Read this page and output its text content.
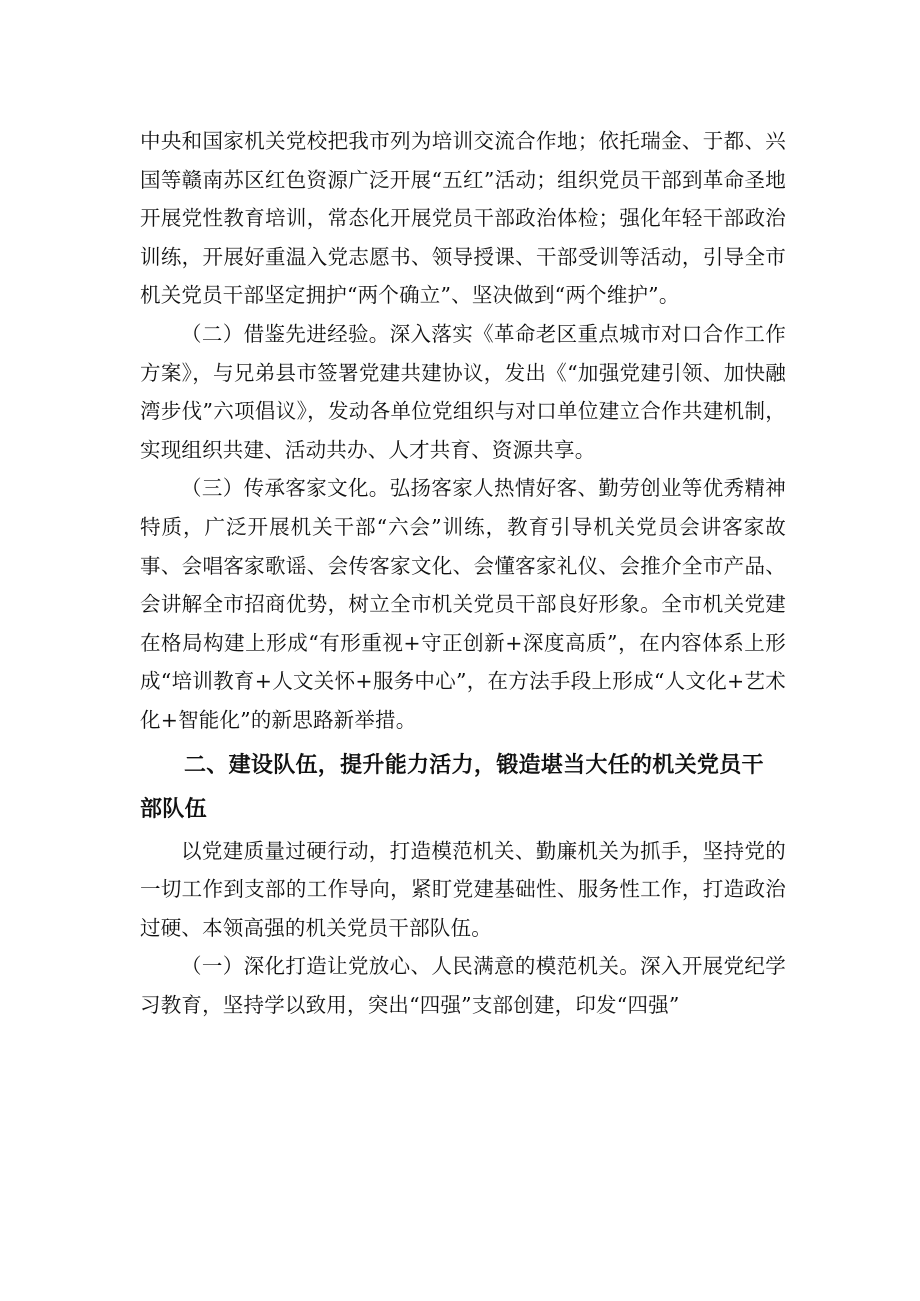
中央和国家机关党校把我市列为培训交流合作地；依托瑞金、于都、兴国等赣南苏区红色资源广泛开展“五红”活动；组织党员干部到革命圣地开展党性教育培训，常态化开展党员干部政治体检；强化年轻干部政治训练，开展好重温入党志愿书、领导授课、干部受训等活动，引导全市机关党员干部坚定拥护“两个确立”、坚决做到“两个维护”。

（二）借鉴先进经验。深入落实《革命老区重点城市对口合作工作方案》，与兄弟县市签署党建共建协议，发出《“加强党建引领、加快融湾步伐”六项倡议》，发动各单位党组织与对口单位建立合作共建机制，实现组织共建、活动共办、人才共育、资源共享。

（三）传承客家文化。弘扬客家人热情好客、勤劳创业等优秀精神特质，广泛开展机关干部“六会”训练，教育引导机关党员会讲客家故事、会唱客家歌谣、会传客家文化、会懂客家礼仪、会推介全市产品、会讲解全市招商优势，树立全市机关党员干部良好形象。全市机关党建在格局构建上形成“有形重视+守正创新+深度高质”，在内容体系上形成“培训教育+人文关怀+服务中心”，在方法手段上形成“人文化+艺术化+智能化”的新思路新举措。

二、建设队伍，提升能力活力，锻造堪当大任的机关党员干部队伍

以党建质量过硬行动，打造模范机关、勤廉机关为抓手，坚持党的一切工作到支部的工作导向，紧盯党建基础性、服务性工作，打造政治过硬、本领高强的机关党员干部队伍。

（一）深化打造让党放心、人民满意的模范机关。深入开展党纪学习教育，坚持学以致用，突出“四强”支部创建，印发“四强”
